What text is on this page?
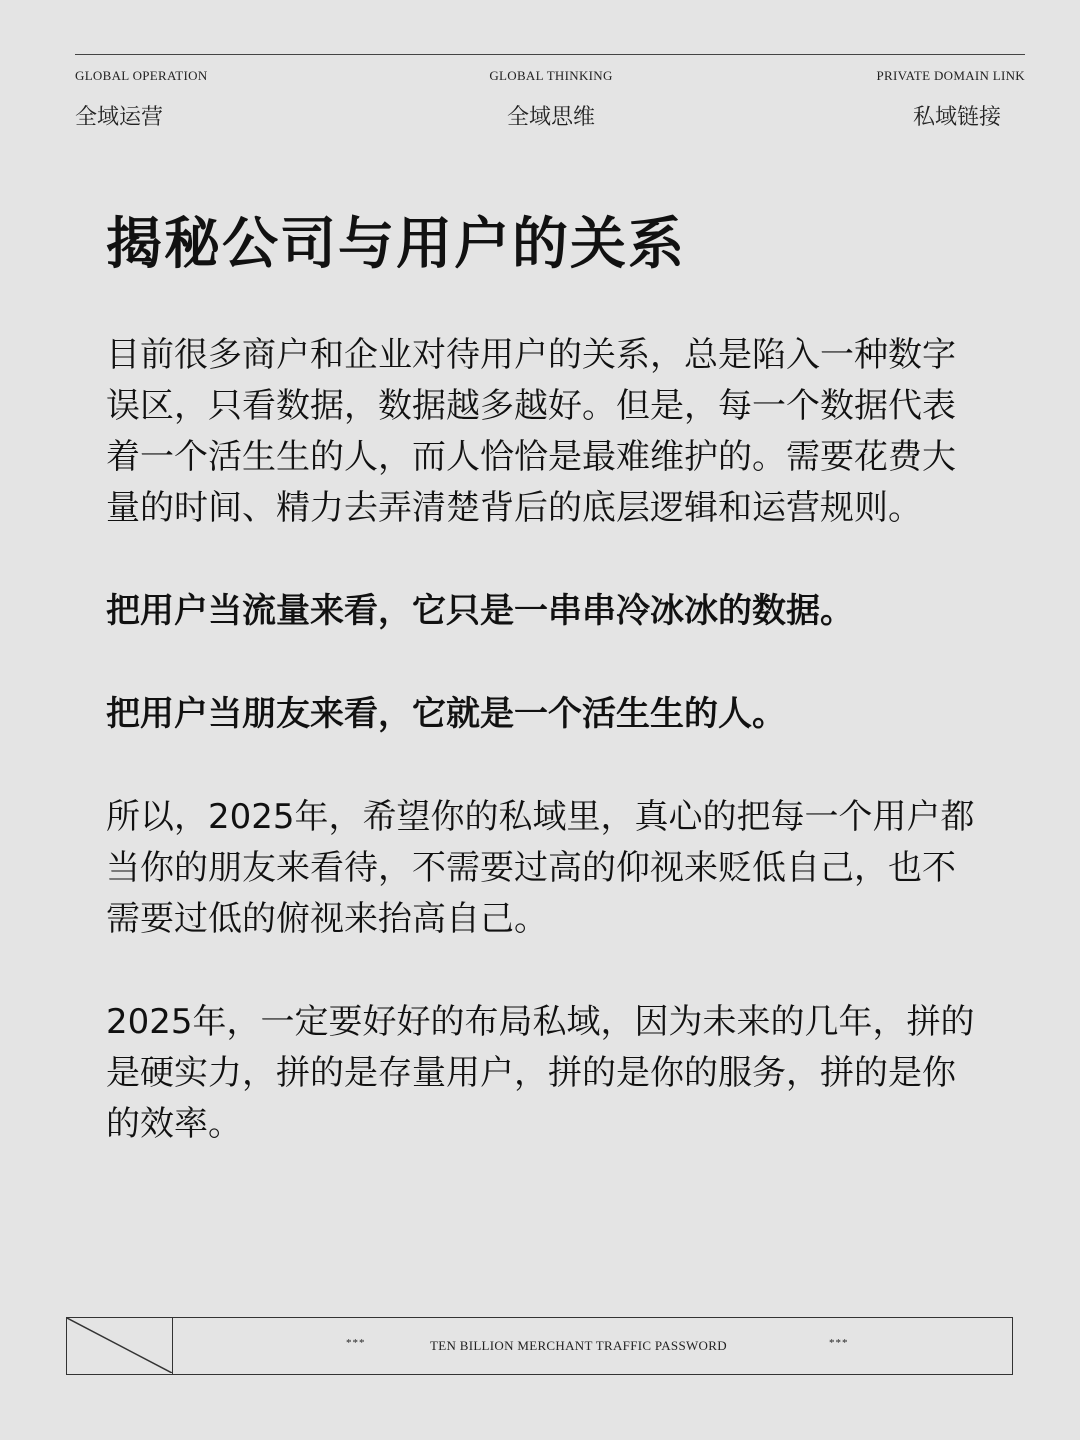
GLOBAL OPERATION
全域运营
GLOBAL THINKING
全域思维
PRIVATE DOMAIN LINK
私域链接
揭秘公司与用户的关系

目前很多商户和企业对待用户的关系，总是陷入一种数字误区，只看数据，数据越多越好。但是，每一个数据代表着一个活生生的人，而人恰恰是最难维护的。需要花费大量的时间、精力去弄清楚背后的底层逻辑和运营规则。

把用户当流量来看，它只是一串串冷冰冰的数据。

把用户当朋友来看，它就是一个活生生的人。

所以，2025年，希望你的私域里，真心的把每一个用户都当你的朋友来看待，不需要过高的仰视来贬低自己，也不需要过低的俯视来抬高自己。

2025年，一定要好好的布局私域，因为未来的几年，拼的是硬实力，拼的是存量用户，拼的是你的服务，拼的是你的效率。

***	TEN BILLION MERCHANT TRAFFIC PASSWORD	***
